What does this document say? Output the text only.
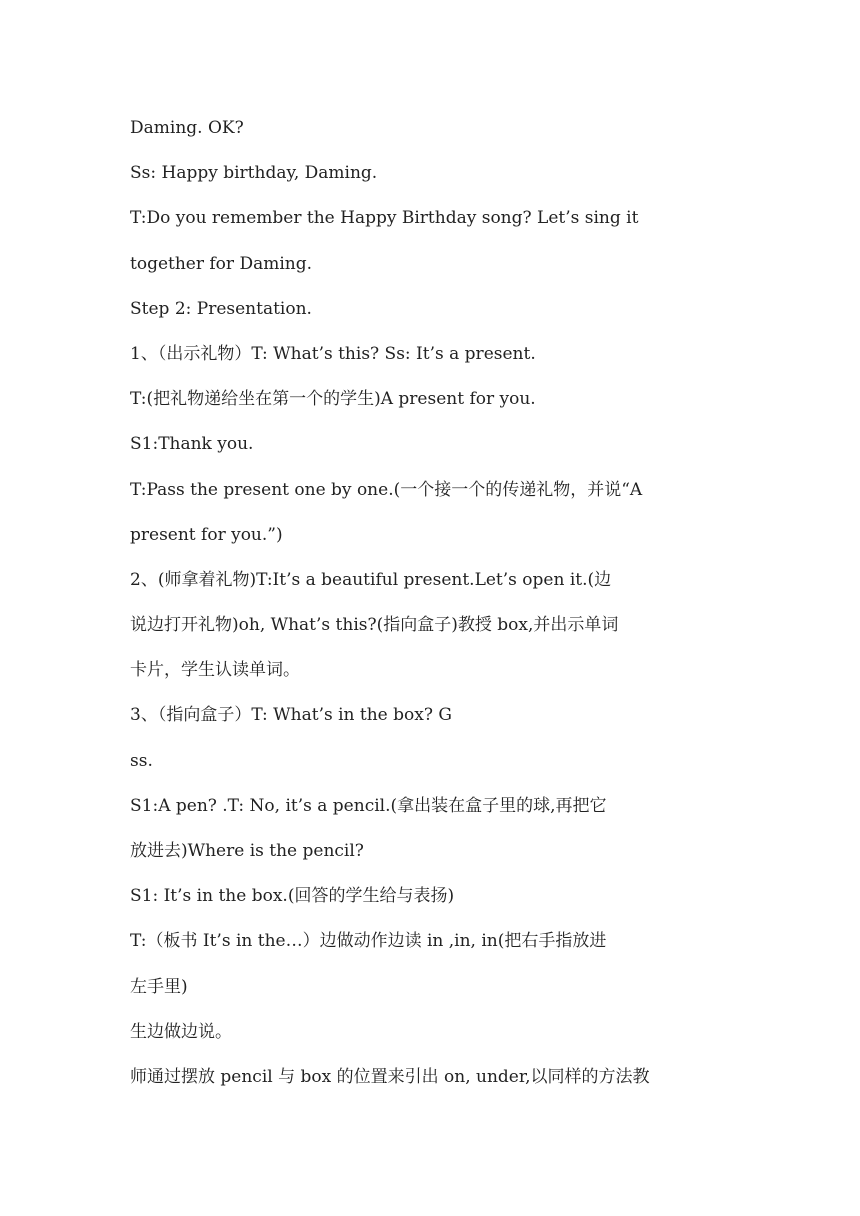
Daming. OK?
Ss: Happy birthday, Daming.
T:Do you remember the Happy Birthday song? Let’s sing it
together for Daming.
Step 2: Presentation.
1、（出示礼物）T: What’s this? Ss: It’s a present.
T:(把礼物递给坐在第一个的学生)A present for you.
S1:Thank you.
T:Pass the present one by one.(一个接一个的传递礼物，并说“A
present for you.”)
2、(师拿着礼物)T:It’s a beautiful present.Let’s open it.(边
说边打开礼物)oh, What’s this?(指向盒子)教授 box,并出示单词
卡片，学生认读单词。
3、（指向盒子）T: What’s in the box? G
ss.
S1:A pen? .T: No, it’s a pencil.(拿出装在盒子里的球,再把它
放进去)Where is the pencil?
S1: It’s in the box.(回答的学生给与表扬)
T:（板书 It’s in the…）边做动作边读 in ,in, in(把右手指放进
左手里)
生边做边说。
师通过摆放 pencil 与 box 的位置来引出 on, under,以同样的方法教
